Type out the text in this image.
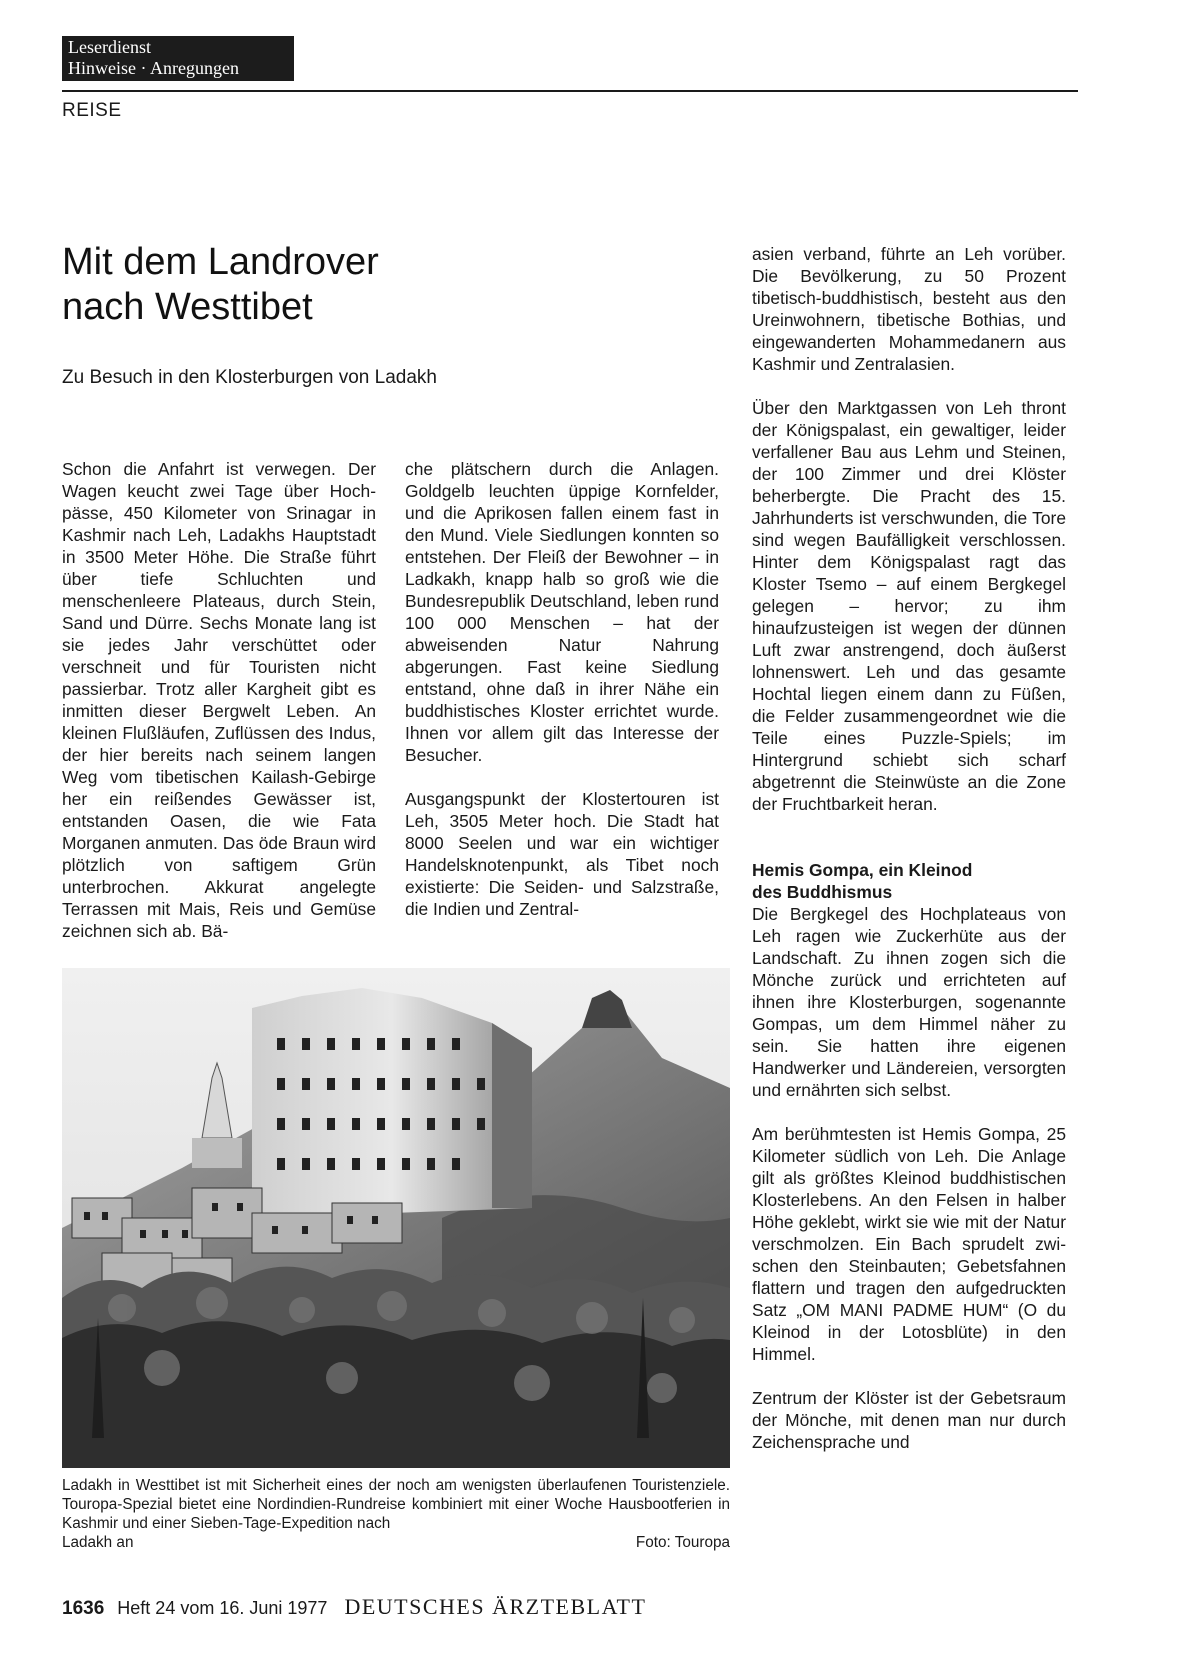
Leserdienst
Hinweise · Anregungen
REISE
Mit dem Landrover
nach Westtibet
Zu Besuch in den Klosterburgen von Ladakh

Schon die Anfahrt ist verwegen. Der Wagen keucht zwei Tage über Hochpässe, 450 Kilometer von Srinagar in Kashmir nach Leh, Ladakhs Hauptstadt in 3500 Meter Höhe. Die Straße führt über tiefe Schluchten und menschenleere Plateaus, durch Stein, Sand und Dürre. Sechs Monate lang ist sie jedes Jahr verschüttet oder verschneit und für Touristen nicht passierbar. Trotz aller Kargheit gibt es inmitten dieser Bergwelt Leben. An kleinen Flußläufen, Zuflüssen des Indus, der hier bereits nach seinem langen Weg vom tibetischen Kailash-Gebirge her ein reißendes Gewässer ist, entstanden Oasen, die wie Fata Morganen anmuten. Das öde Braun wird plötzlich von saftigem Grün unterbrochen. Akkurat angelegte Terrassen mit Mais, Reis und Gemüse zeichnen sich ab. Bä-

che plätschern durch die Anlagen. Goldgelb leuchten üppige Kornfelder, und die Aprikosen fallen einem fast in den Mund. Viele Siedlungen konnten so entstehen. Der Fleiß der Bewohner – in Ladkakh, knapp halb so groß wie die Bundesrepublik Deutschland, leben rund 100 000 Menschen – hat der abweisenden Natur Nahrung abgerungen. Fast keine Siedlung entstand, ohne daß in ihrer Nähe ein buddhistisches Kloster errichtet wurde. Ihnen vor allem gilt das Interesse der Besucher.

Ausgangspunkt der Klostertouren ist Leh, 3505 Meter hoch. Die Stadt hat 8000 Seelen und war ein wichtiger Handelsknotenpunkt, als Tibet noch existierte: Die Seiden- und Salzstraße, die Indien und Zentral-

asien verband, führte an Leh vorüber. Die Bevölkerung, zu 50 Prozent tibetisch-buddhistisch, besteht aus den Ureinwohnern, tibetische Bothias, und eingewanderten Mohammedanern aus Kashmir und Zentralasien.

Über den Marktgassen von Leh thront der Königspalast, ein gewaltiger, leider verfallener Bau aus Lehm und Steinen, der 100 Zimmer und drei Klöster beherbergte. Die Pracht des 15. Jahrhunderts ist verschwunden, die Tore sind wegen Baufälligkeit verschlossen. Hinter dem Königspalast ragt das Kloster Tsemo – auf einem Bergkegel gelegen – hervor; zu ihm hinaufzusteigen ist wegen der dünnen Luft zwar anstrengend, doch äußerst lohnenswert. Leh und das gesamte Hochtal liegen einem dann zu Füßen, die Felder zusammengeordnet wie die Teile eines Puzzle-Spiels; im Hintergrund schiebt sich scharf abgetrennt die Steinwüste an die Zone der Fruchtbarkeit heran.

Hemis Gompa, ein Kleinod
des Buddhismus

Die Bergkegel des Hochplateaus von Leh ragen wie Zuckerhüte aus der Landschaft. Zu ihnen zogen sich die Mönche zurück und errichteten auf ihnen ihre Klosterburgen, sogenannte Gompas, um dem Himmel näher zu sein. Sie hatten ihre eigenen Handwerker und Ländereien, versorgten und ernährten sich selbst.

Am berühmtesten ist Hemis Gompa, 25 Kilometer südlich von Leh. Die Anlage gilt als größtes Kleinod buddhistischen Klosterlebens. An den Felsen in halber Höhe geklebt, wirkt sie wie mit der Natur verschmolzen. Ein Bach sprudelt zwischen den Steinbauten; Gebetsfahnen flattern und tragen den aufgedruckten Satz „OM MANI PADME HUM“ (O du Kleinod in der Lotosblüte) in den Himmel.

Zentrum der Klöster ist der Gebetsraum der Mönche, mit denen man nur durch Zeichensprache und

Ladakh in Westtibet ist mit Sicherheit eines der noch am wenigsten überlaufenen Touristenziele. Touropa-Spezial bietet eine Nordindien-Rundreise kombiniert mit einer Woche Hausbootferien in Kashmir und einer Sieben-Tage-Expedition nach
Ladakh an	Foto: Touropa
1636 Heft 24 vom 16. Juni 1977 DEUTSCHES ÄRZTEBLATT
